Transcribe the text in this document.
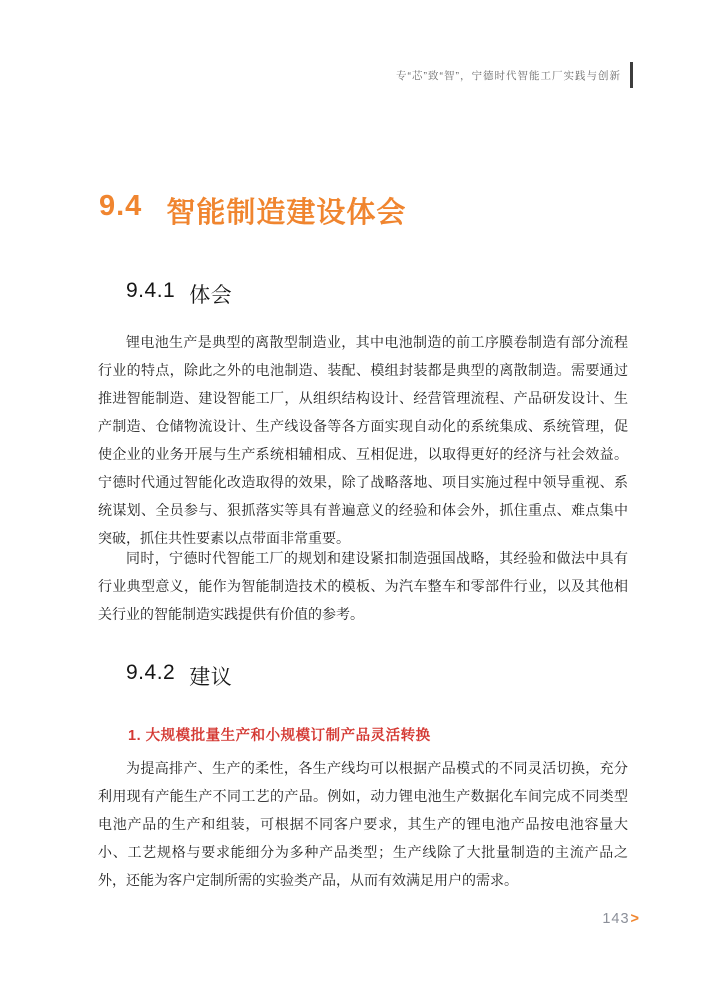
专“芯”致“智”，宁德时代智能工厂实践与创新
9.4 智能制造建设体会
9.4.1 体会

锂电池生产是典型的离散型制造业，其中电池制造的前工序膜卷制造有部分流程行业的特点，除此之外的电池制造、装配、模组封装都是典型的离散制造。需要通过推进智能制造、建设智能工厂，从组织结构设计、经营管理流程、产品研发设计、生产制造、仓储物流设计、生产线设备等各方面实现自动化的系统集成、系统管理，促使企业的业务开展与生产系统相辅相成、互相促进，以取得更好的经济与社会效益。宁德时代通过智能化改造取得的效果，除了战略落地、项目实施过程中领导重视、系统谋划、全员参与、狠抓落实等具有普遍意义的经验和体会外，抓住重点、难点集中突破，抓住共性要素以点带面非常重要。

同时，宁德时代智能工厂的规划和建设紧扣制造强国战略，其经验和做法中具有行业典型意义，能作为智能制造技术的模板、为汽车整车和零部件行业，以及其他相关行业的智能制造实践提供有价值的参考。

9.4.2 建议
1. 大规模批量生产和小规模订制产品灵活转换

为提高排产、生产的柔性，各生产线均可以根据产品模式的不同灵活切换，充分利用现有产能生产不同工艺的产品。例如，动力锂电池生产数据化车间完成不同类型电池产品的生产和组装，可根据不同客户要求，其生产的锂电池产品按电池容量大小、工艺规格与要求能细分为多种产品类型；生产线除了大批量制造的主流产品之外，还能为客户定制所需的实验类产品，从而有效满足用户的需求。

143 >
